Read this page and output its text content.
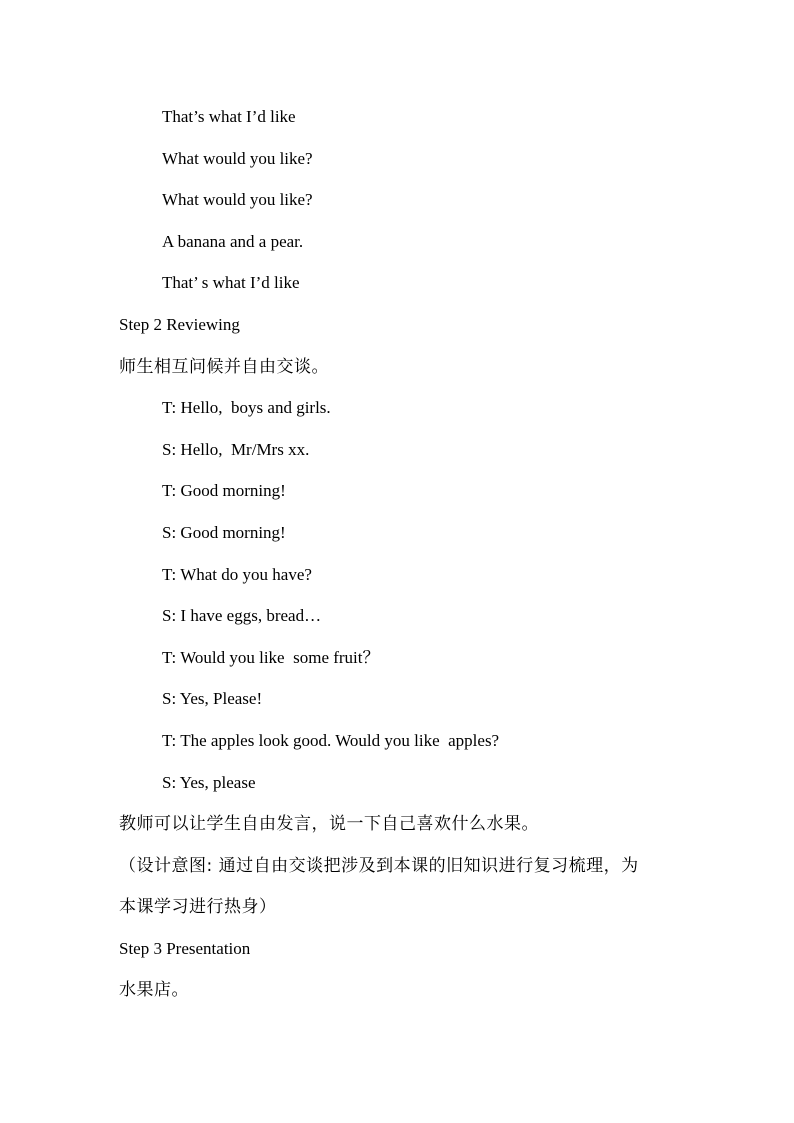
That’s what I’d like
What would you like?
What would you like?
A banana and a pear.
That’ s what I’d like
Step 2 Reviewing
师生相互问候并自由交谈。
T: Hello,  boys and girls.
S: Hello,  Mr/Mrs xx.
T: Good morning!
S: Good morning!
T: What do you have?
S: I have eggs, bread…
T: Would you like  some fruit？
S: Yes, Please!
T: The apples look good. Would you like  apples?
S: Yes, please
教师可以让学生自由发言，说一下自己喜欢什么水果。
（设计意图: 通过自由交谈把涉及到本课的旧知识进行复习梳理，为
本课学习进行热身）
Step 3 Presentation
水果店。
